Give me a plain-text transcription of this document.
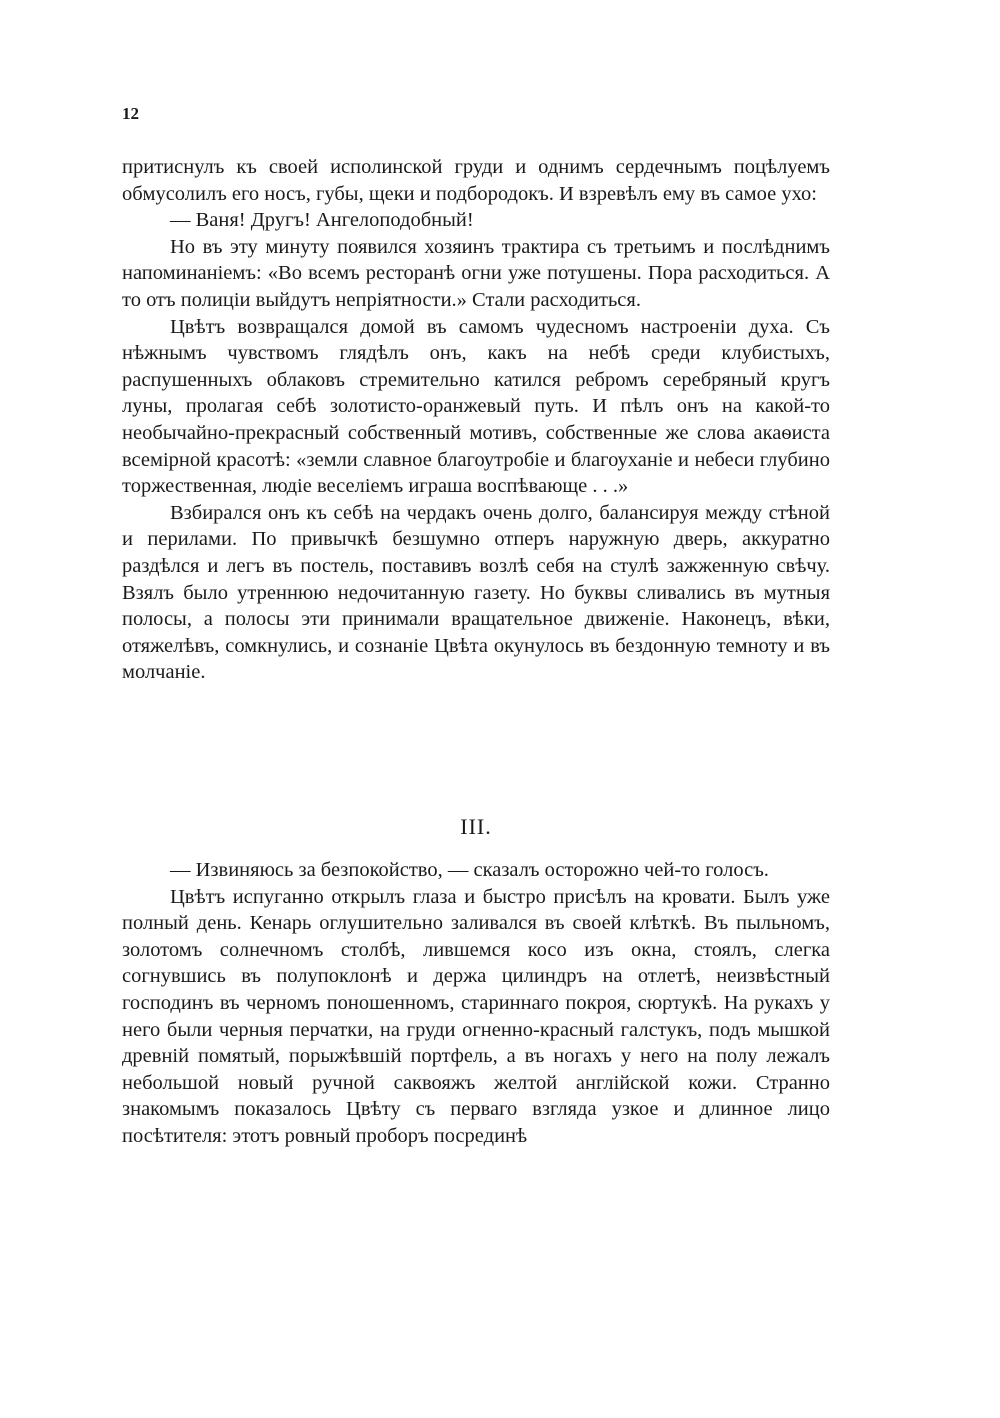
12

притиснулъ къ своей исполинской груди и однимъ сердечнымъ поцѣлуемъ обмусолилъ его носъ, губы, щеки и подбородокъ. И взревѣлъ ему въ самое ухо:

— Ваня! Другъ! Ангелоподобный!

Но въ эту минуту появился хозяинъ трактира съ третьимъ и послѣднимъ напоминаніемъ: «Во всемъ ресторанѣ огни уже потушены. Пора расходиться. А то отъ полиціи выйдутъ непріятности.» Стали расходиться.

Цвѣтъ возвращался домой въ самомъ чудесномъ настроеніи духа. Съ нѣжнымъ чувствомъ глядѣлъ онъ, какъ на небѣ среди клубистыхъ, распушенныхъ облаковъ стремительно катился ребромъ серебряный кругъ луны, пролагая себѣ золотисто-оранжевый путь. И пѣлъ онъ на какой-то необычайно-прекрасный собственный мотивъ, собственные же слова акаѳиста всемірной красотѣ: «земли славное благоутробіе и благоуханіе и небеси глубино торжественная, людіе веселіемъ играша воспѣвающе . . .»

Взбирался онъ къ себѣ на чердакъ очень долго, балансируя между стѣной и перилами. По привычкѣ безшумно отперъ наружную дверь, аккуратно раздѣлся и легъ въ постель, поставивъ возлѣ себя на стулѣ зажженную свѣчу. Взялъ было утреннюю недочитанную газету. Но буквы сливались въ мутныя полосы, а полосы эти принимали вращательное движеніе. Наконецъ, вѣки, отяжелѣвъ, сомкнулись, и сознаніе Цвѣта окунулось въ бездонную темноту и въ молчаніе.

III.

— Извиняюсь за безпокойство, — сказалъ осторожно чей-то голосъ.

Цвѣтъ испуганно открылъ глаза и быстро присѣлъ на кровати. Былъ уже полный день. Кенарь оглушительно заливался въ своей клѣткѣ. Въ пыльномъ, золотомъ солнечномъ столбѣ, лившемся косо изъ окна, стоялъ, слегка согнувшись въ полупоклонѣ и держа цилиндръ на отлетѣ, неизвѣстный господинъ въ черномъ поношенномъ, стариннаго покроя, сюртукѣ. На рукахъ у него были черныя перчатки, на груди огненно-красный галстукъ, подъ мышкой древній помятый, порыжѣвшій портфель, а въ ногахъ у него на полу лежалъ небольшой новый ручной саквояжъ желтой англійской кожи. Странно знакомымъ показалось Цвѣту съ перваго взгляда узкое и длинное лицо посѣтителя: этотъ ровный проборъ посрединѣ
